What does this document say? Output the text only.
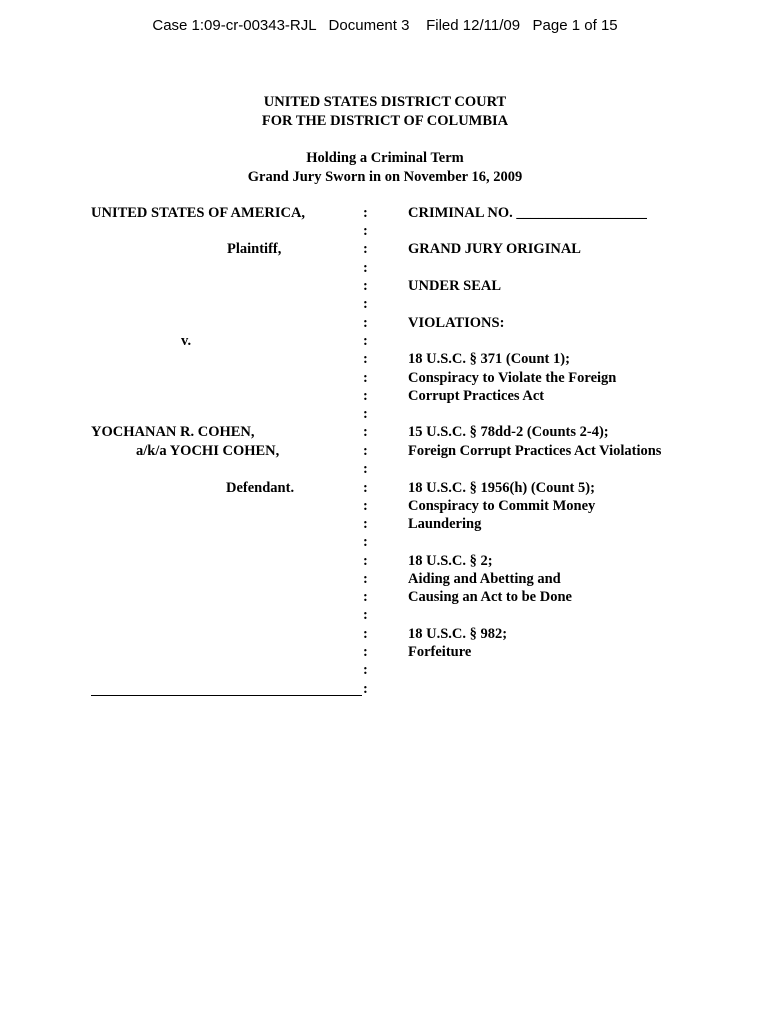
Case 1:09-cr-00343-RJL   Document 3    Filed 12/11/09   Page 1 of 15
UNITED STATES DISTRICT COURT
FOR THE DISTRICT OF COLUMBIA
Holding a Criminal Term
Grand Jury Sworn in on November 16, 2009
UNITED STATES OF AMERICA,
Plaintiff,
v.
YOCHANAN R. COHEN,
a/k/a YOCHI COHEN,
Defendant.
:
:
:
:
:
:
:
:
:
:
:
:
:
:
:
:
:
:
:
:
:
:
:
:
:
:
:
CRIMINAL NO. __________________
GRAND JURY ORIGINAL
UNDER SEAL
VIOLATIONS:
18 U.S.C. § 371 (Count 1);
Conspiracy to Violate the Foreign
Corrupt Practices Act
15 U.S.C. § 78dd-2 (Counts 2-4);
Foreign Corrupt Practices Act Violations
18 U.S.C. § 1956(h) (Count 5);
Conspiracy to Commit Money
Laundering
18 U.S.C. § 2;
Aiding and Abetting and
Causing an Act to be Done
18 U.S.C. § 982;
Forfeiture
